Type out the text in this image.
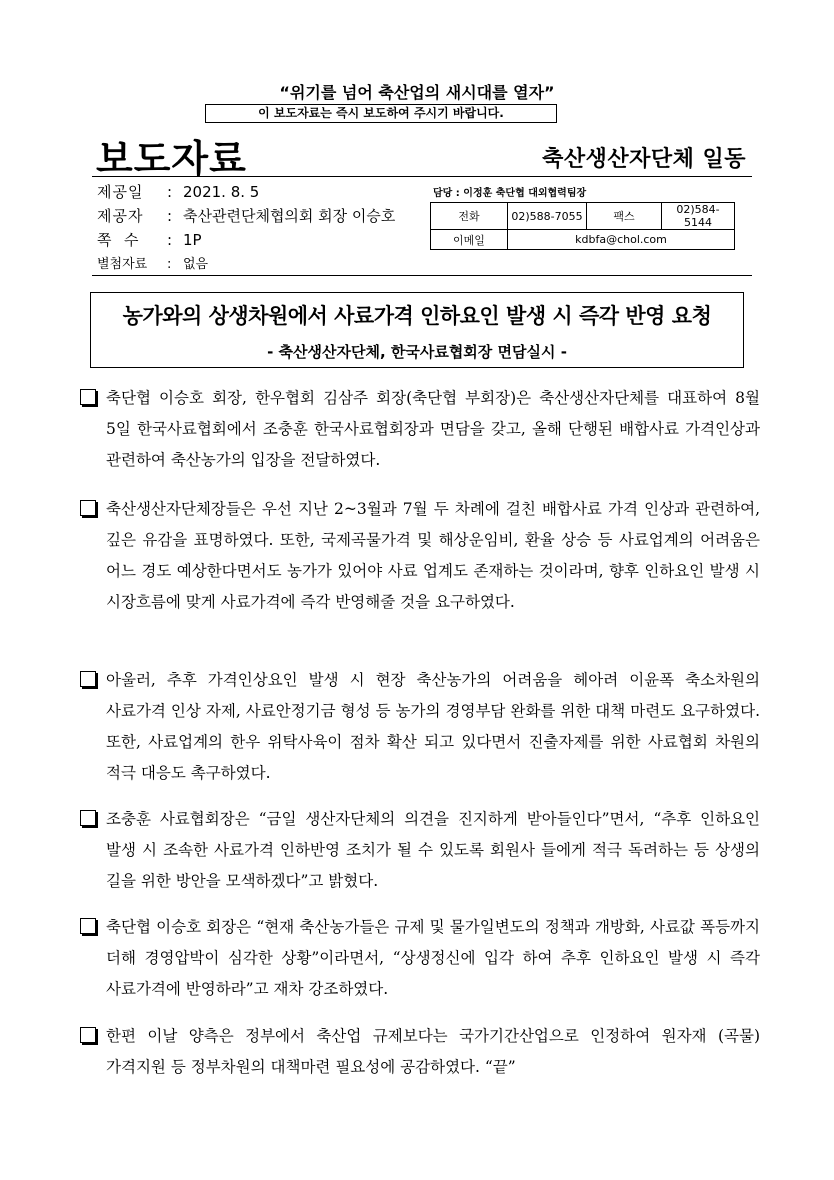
“위기를 넘어 축산업의 새시대를 열자”
이 보도자료는 즉시 보도하여 주시기 바랍니다.
보도자료	축산생산자단체 일동
제공일 : 2021. 8. 5
제공자 : 축산관련단체협의회 회장 이승호
쪽  수 : 1P
별첨자료 : 없음
담당 : 이정훈 축단협 대외협력팀장
전화	02)588-7055	팩스	02)584-5144
이메일	kdbfa@chol.com		
농가와의 상생차원에서 사료가격 인하요인 발생 시 즉각 반영 요청
- 축산생산자단체, 한국사료협회장 면담실시 -
축단협 이승호 회장, 한우협회 김삼주 회장(축단협 부회장)은 축산생산자단체를 대표하여 8월 5일 한국사료협회에서 조충훈 한국사료협회장과 면담을 갖고, 올해 단행된 배합사료 가격인상과 관련하여 축산농가의 입장을 전달하였다.
축산생산자단체장들은 우선 지난 2~3월과 7월 두 차례에 걸친 배합사료 가격 인상과 관련하여, 깊은 유감을 표명하였다. 또한, 국제곡물가격 및 해상운임비, 환율 상승 등 사료업계의 어려움은 어느 경도 예상한다면서도 농가가 있어야 사료 업계도 존재하는 것이라며, 향후 인하요인 발생 시 시장흐름에 맞게 사료가격에 즉각 반영해줄 것을 요구하였다.
아울러, 추후 가격인상요인 발생 시 현장 축산농가의 어려움을 헤아려 이윤폭 축소차원의 사료가격 인상 자제, 사료안정기금 형성 등 농가의 경영부담 완화를 위한 대책 마련도 요구하였다. 또한, 사료업계의 한우 위탁사육이 점차 확산 되고 있다면서 진출자제를 위한 사료협회 차원의 적극 대응도 촉구하였다.
조충훈 사료협회장은 “금일 생산자단체의 의견을 진지하게 받아들인다”면서, “추후 인하요인 발생 시 조속한 사료가격 인하반영 조치가 될 수 있도록 회원사 들에게 적극 독려하는 등 상생의 길을 위한 방안을 모색하겠다”고 밝혔다.
축단협 이승호 회장은 “현재 축산농가들은 규제 및 물가일변도의 정책과 개방화, 사료값 폭등까지 더해 경영압박이 심각한 상황”이라면서, “상생정신에 입각 하여 추후 인하요인 발생 시 즉각 사료가격에 반영하라”고 재차 강조하였다.
한편 이날 양측은 정부에서 축산업 규제보다는 국가기간산업으로 인정하여 원자재 (곡물) 가격지원 등 정부차원의 대책마련 필요성에 공감하였다. “끝”
